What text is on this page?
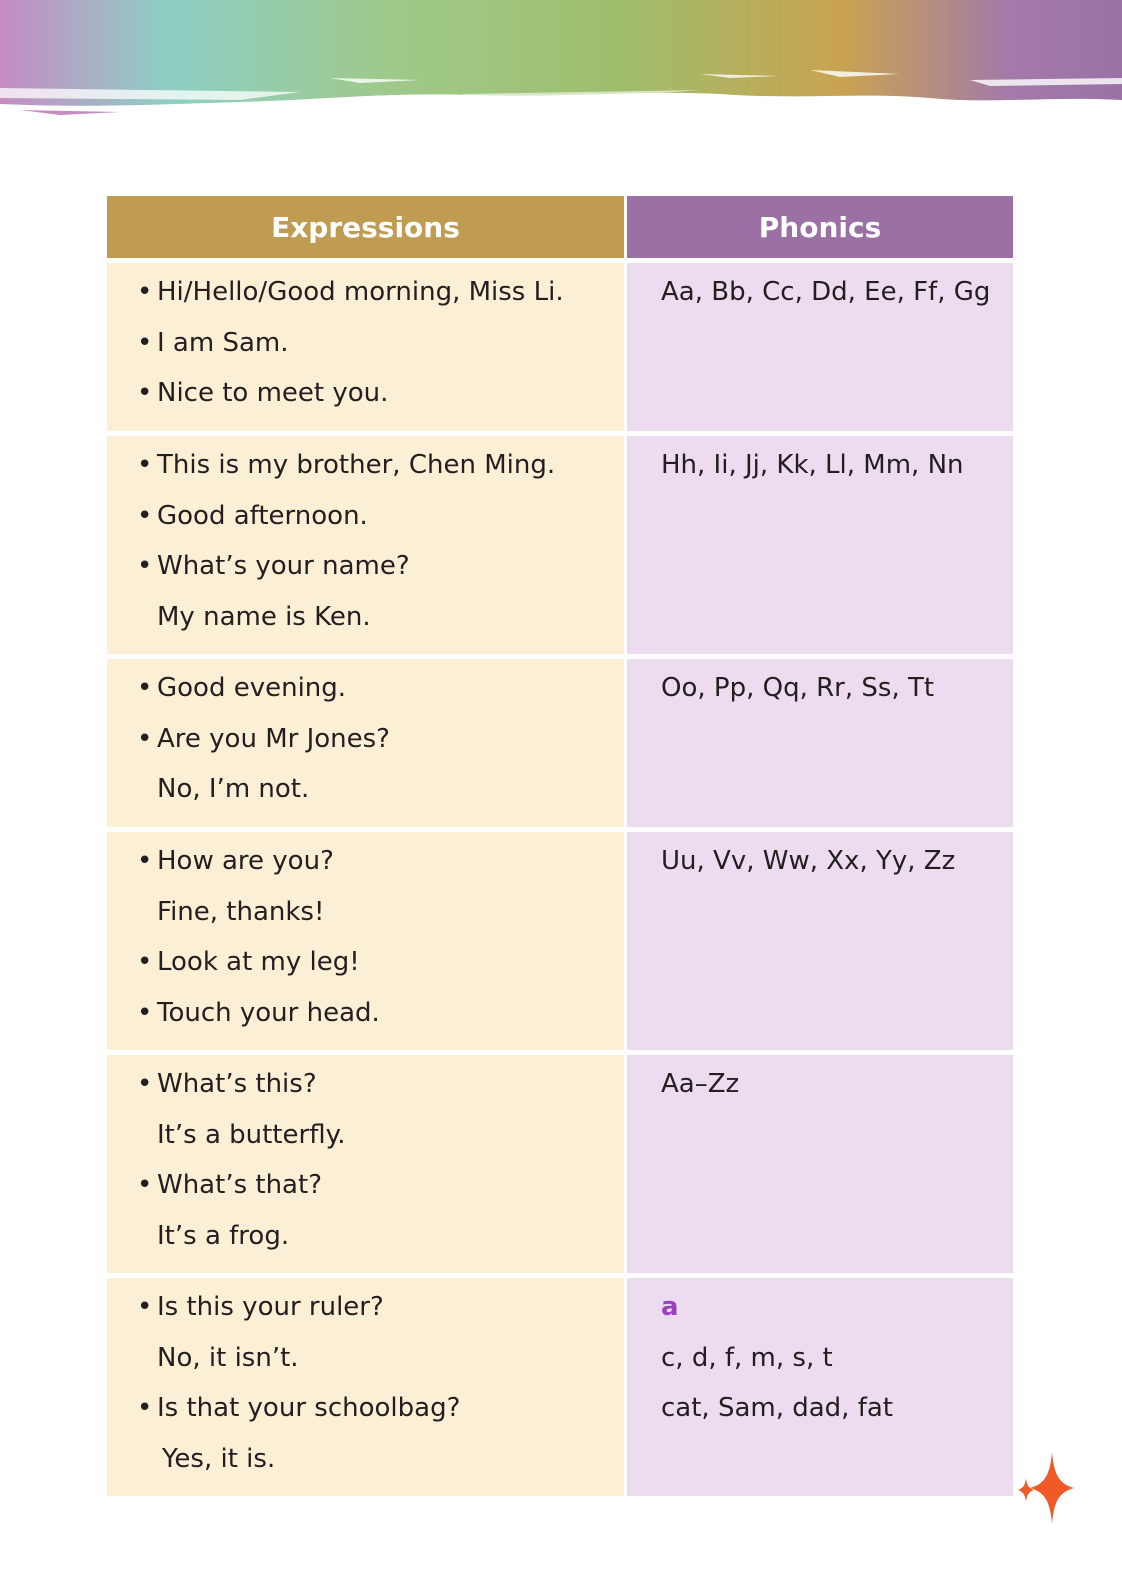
Expressions	Phonics
• Hi/Hello/Good morning, Miss Li.
• I am Sam.
• Nice to meet you.
Aa, Bb, Cc, Dd, Ee, Ff, Gg
• This is my brother, Chen Ming.
• Good afternoon.
• What’s your name?
My name is Ken.
Hh, Ii, Jj, Kk, Ll, Mm, Nn
• Good evening.
• Are you Mr Jones?
No, I’m not.
Oo, Pp, Qq, Rr, Ss, Tt
• How are you?
Fine, thanks!
• Look at my leg!
• Touch your head.
Uu, Vv, Ww, Xx, Yy, Zz
• What’s this?
It’s a butterfly.
• What’s that?
It’s a frog.
Aa–Zz
• Is this your ruler?
No, it isn’t.
• Is that your schoolbag?
Yes, it is.
a
c, d, f, m, s, t
cat, Sam, dad, fat
